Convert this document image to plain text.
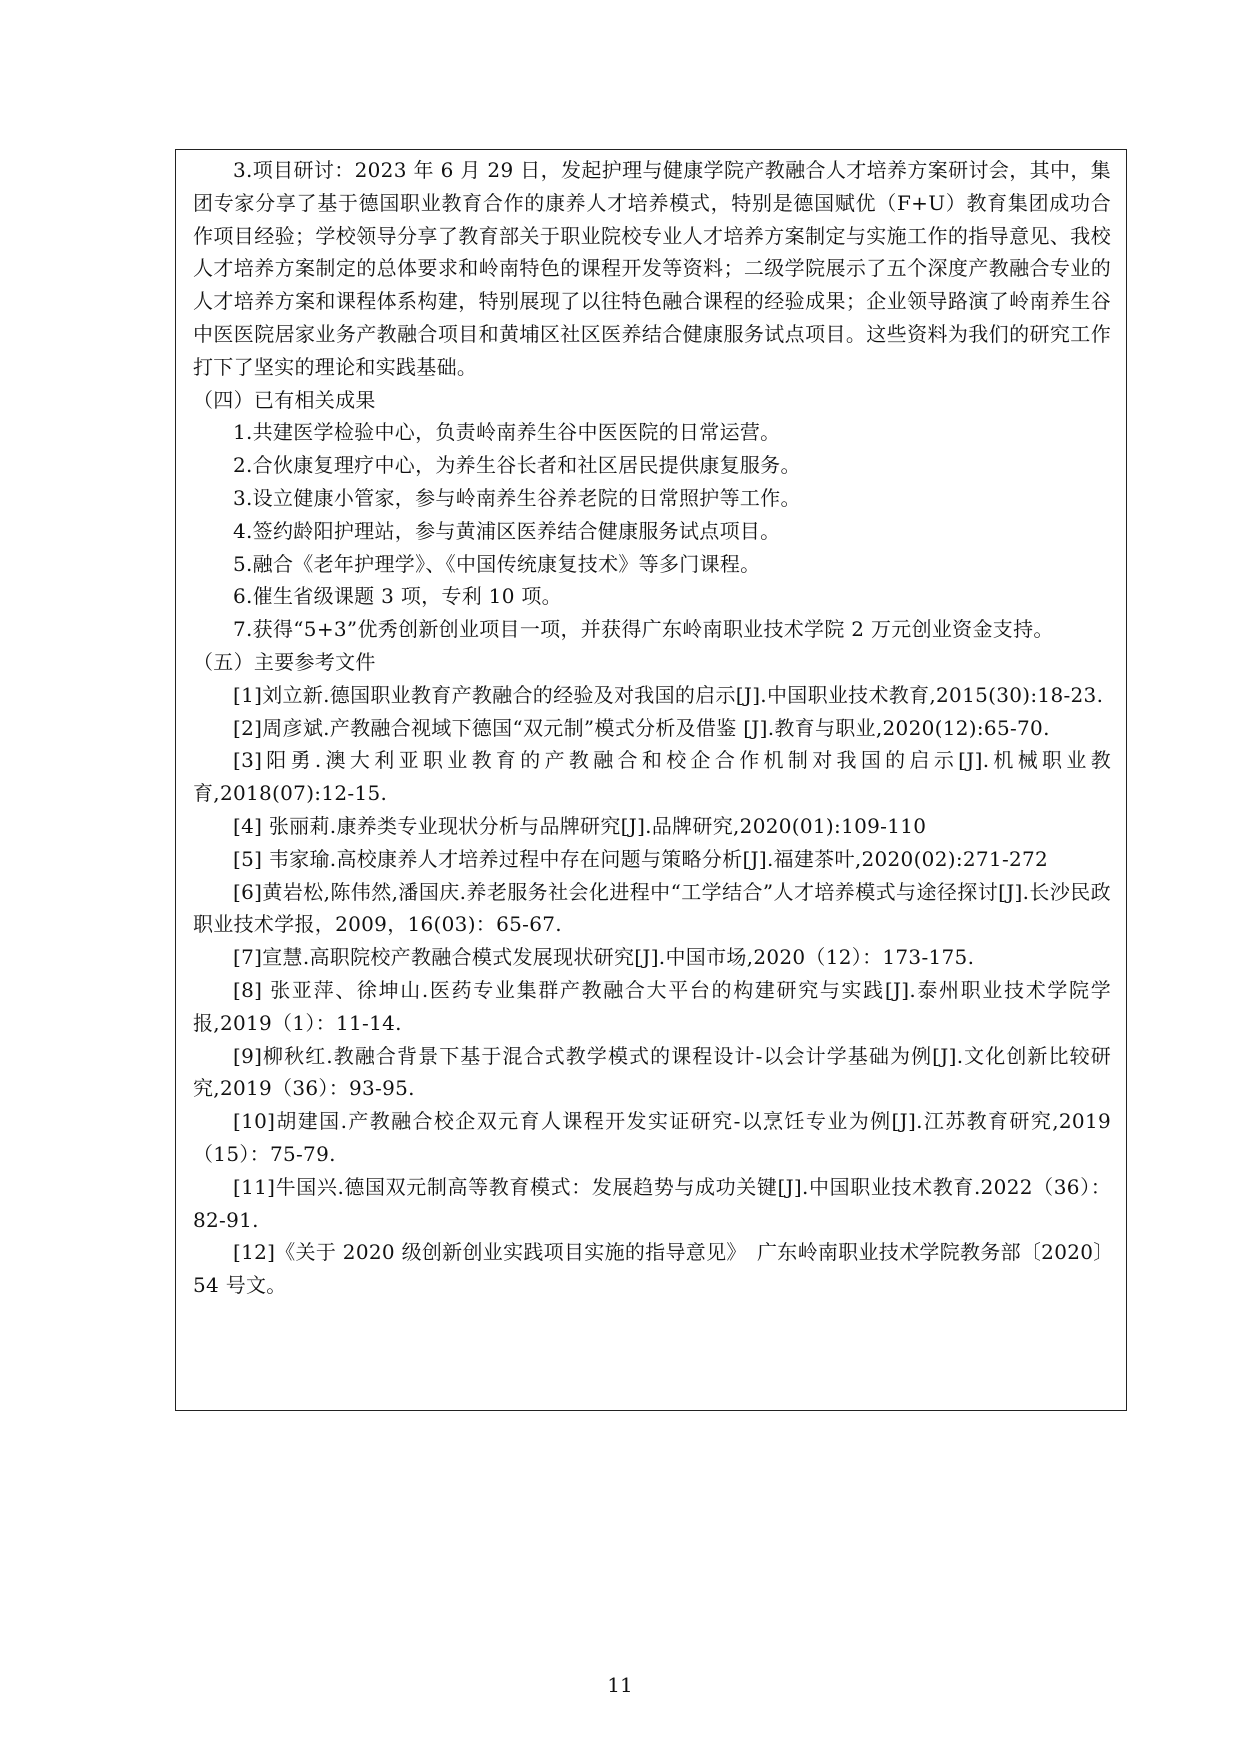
3.项目研讨：2023 年 6 月 29 日，发起护理与健康学院产教融合人才培养方案研讨会，其中，集团专家分享了基于德国职业教育合作的康养人才培养模式，特别是德国赋优（F+U）教育集团成功合作项目经验；学校领导分享了教育部关于职业院校专业人才培养方案制定与实施工作的指导意见、我校人才培养方案制定的总体要求和岭南特色的课程开发等资料；二级学院展示了五个深度产教融合专业的人才培养方案和课程体系构建，特别展现了以往特色融合课程的经验成果；企业领导路演了岭南养生谷中医医院居家业务产教融合项目和黄埔区社区医养结合健康服务试点项目。这些资料为我们的研究工作打下了坚实的理论和实践基础。

（四）已有相关成果

1.共建医学检验中心，负责岭南养生谷中医医院的日常运营。

2.合伙康复理疗中心，为养生谷长者和社区居民提供康复服务。

3.设立健康小管家，参与岭南养生谷养老院的日常照护等工作。

4.签约龄阳护理站，参与黄浦区医养结合健康服务试点项目。

5.融合《老年护理学》、《中国传统康复技术》等多门课程。

6.催生省级课题 3 项，专利 10 项。

7.获得“5+3”优秀创新创业项目一项，并获得广东岭南职业技术学院 2 万元创业资金支持。

（五）主要参考文件

[1]刘立新.德国职业教育产教融合的经验及对我国的启示[J].中国职业技术教育,2015(30):18-23.

[2]周彦斌.产教融合视域下德国“双元制”模式分析及借鉴 [J].教育与职业,2020(12):65-70.

[3]阳勇.澳大利亚职业教育的产教融合和校企合作机制对我国的启示[J].机械职业教育,2018(07):12-15.

[4] 张丽莉.康养类专业现状分析与品牌研究[J].品牌研究,2020(01):109-110

[5] 韦家瑜.高校康养人才培养过程中存在问题与策略分析[J].福建茶叶,2020(02):271-272

[6]黄岩松,陈伟然,潘国庆.养老服务社会化进程中“工学结合”人才培养模式与途径探讨[J].长沙民政职业技术学报，2009，16(03)：65-67.

[7]宣慧.高职院校产教融合模式发展现状研究[J].中国市场,2020（12）：173-175.

[8] 张亚萍、徐坤山.医药专业集群产教融合大平台的构建研究与实践[J].泰州职业技术学院学报,2019（1）：11-14.

[9]柳秋红.教融合背景下基于混合式教学模式的课程设计-以会计学基础为例[J].文化创新比较研究,2019（36）：93-95.

[10]胡建国.产教融合校企双元育人课程开发实证研究-以烹饪专业为例[J].江苏教育研究,2019（15）：75-79.

[11]牛国兴.德国双元制高等教育模式：发展趋势与成功关键[J].中国职业技术教育.2022（36）：82-91.

[12]《关于 2020 级创新创业实践项目实施的指导意见》　广东岭南职业技术学院教务部〔2020〕54 号文。

11
